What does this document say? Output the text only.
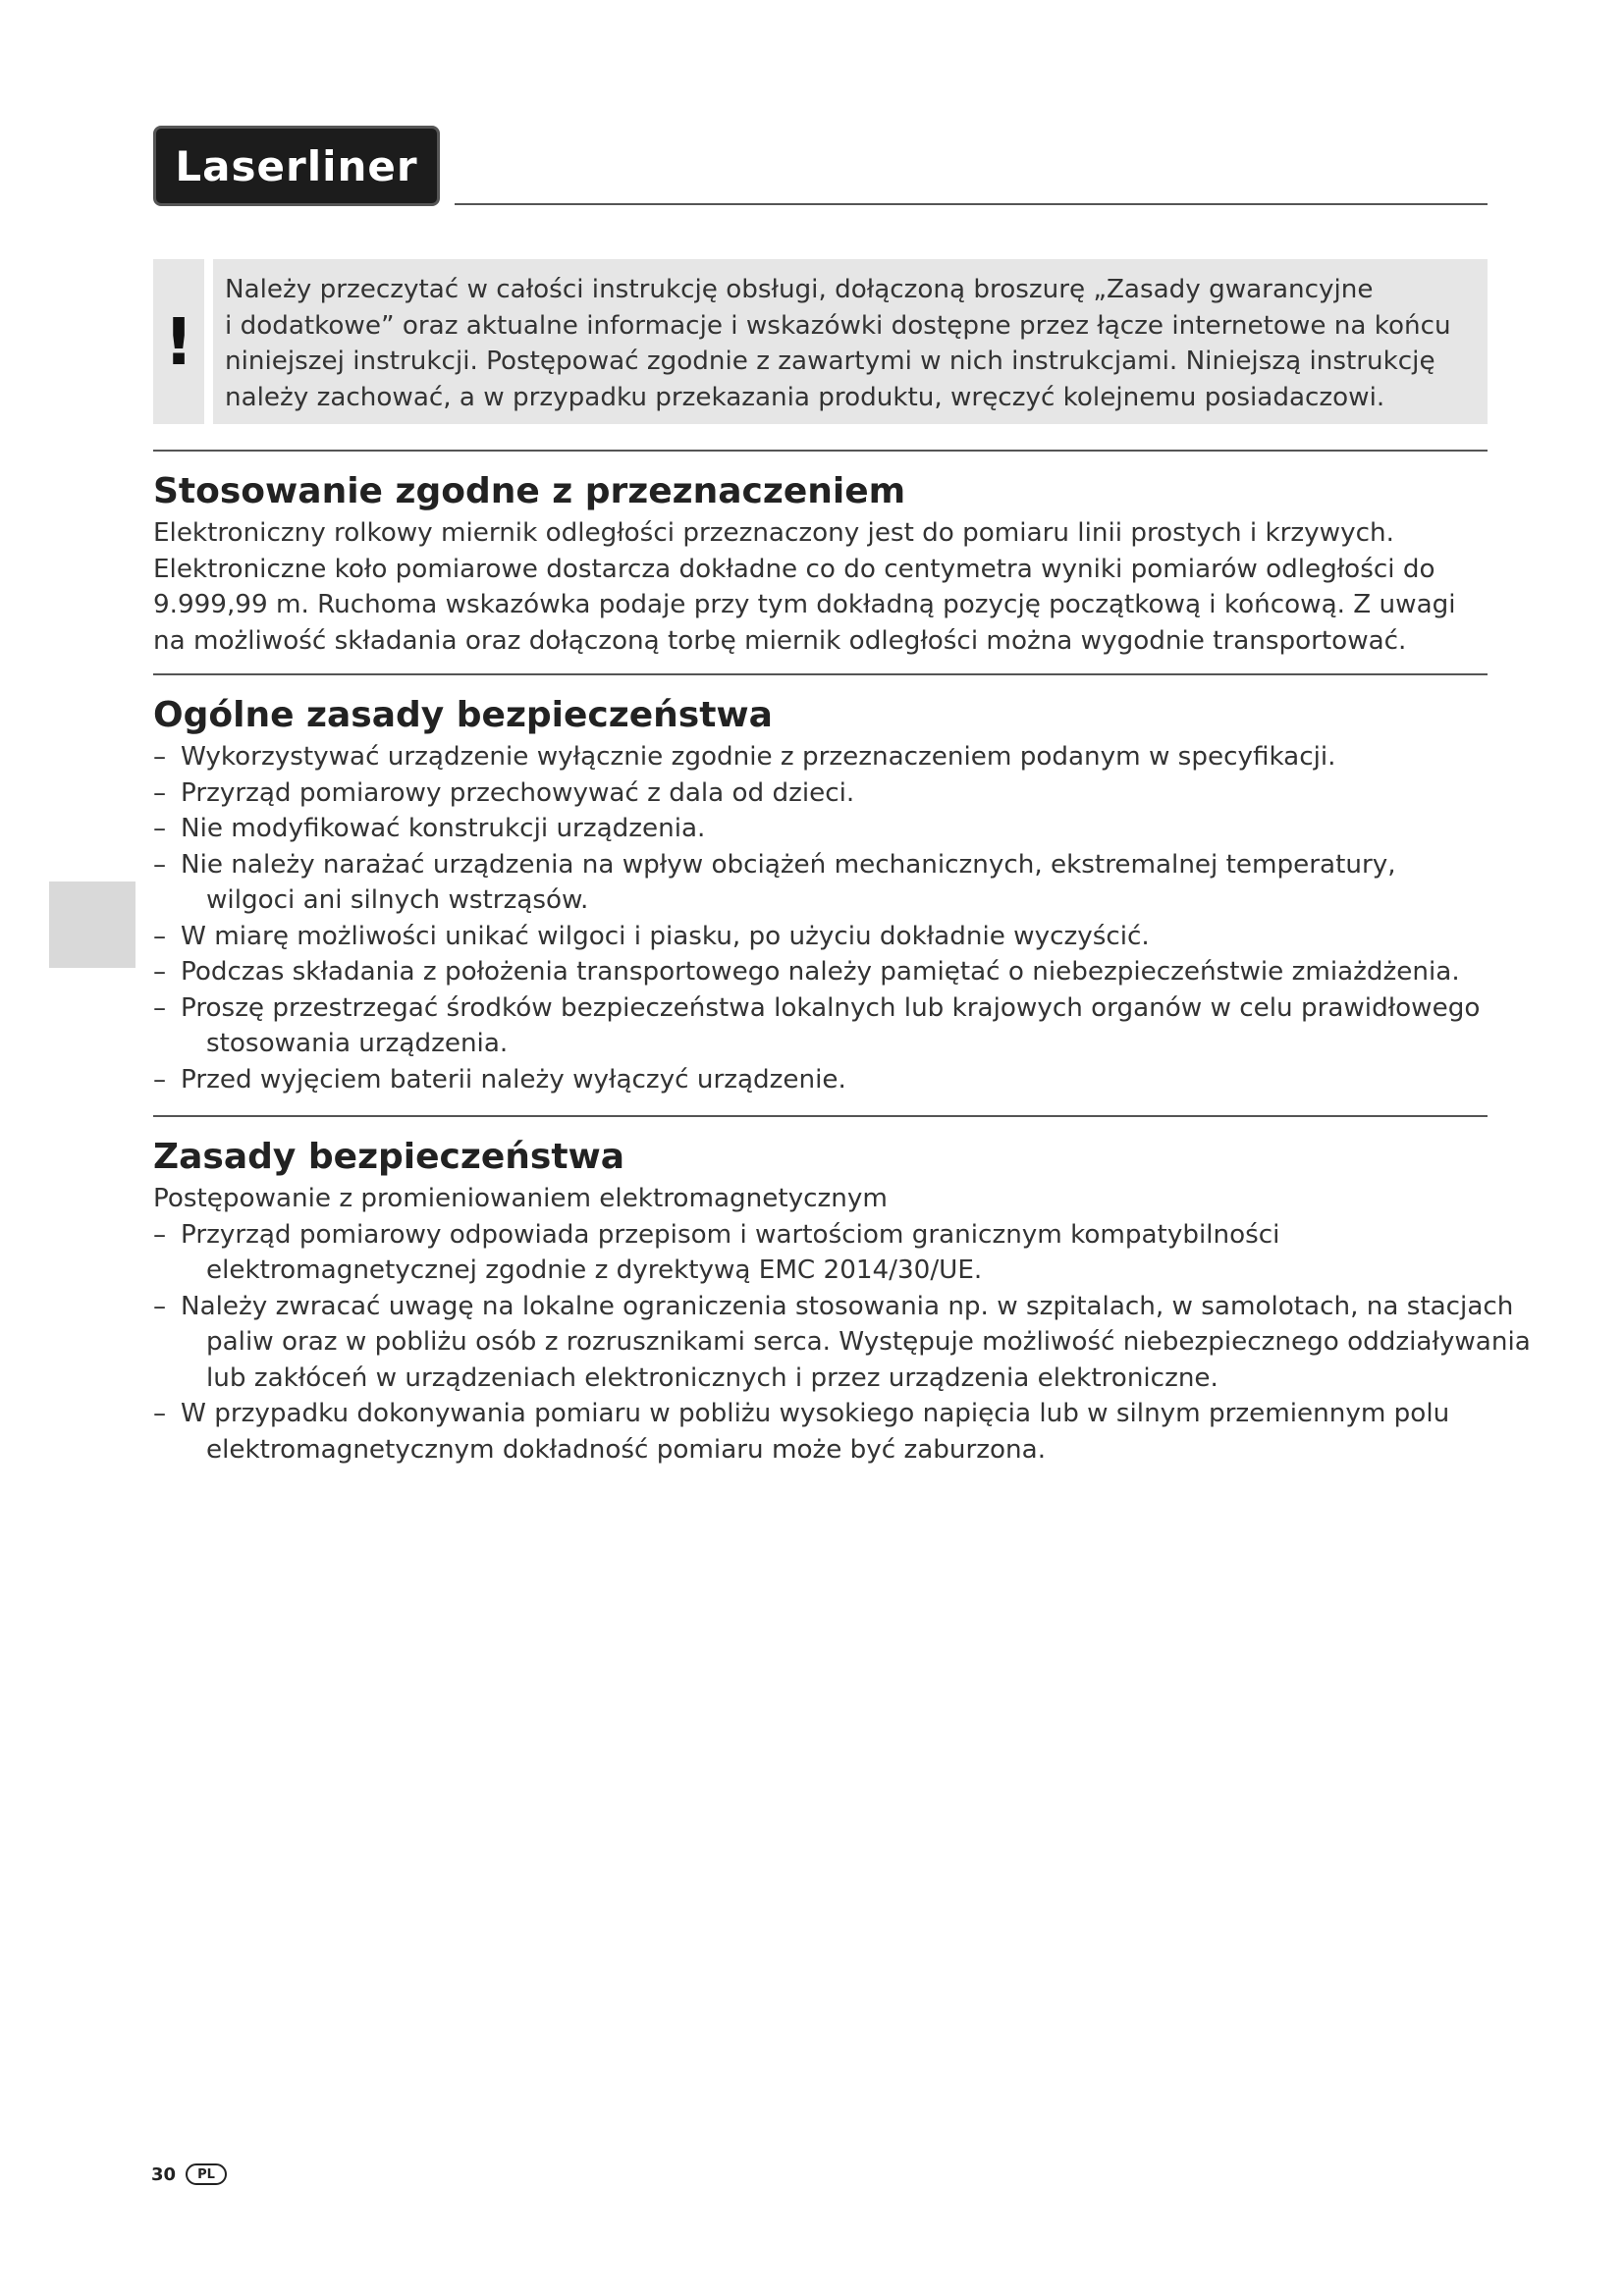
Laserliner
!

Należy przeczytać w całości instrukcję obsługi, dołączoną broszurę „Zasady gwarancyjne

i dodatkowe” oraz aktualne informacje i wskazówki dostępne przez łącze internetowe na końcu

niniejszej instrukcji. Postępować zgodnie z zawartymi w nich instrukcjami. Niniejszą instrukcję

należy zachować, a w przypadku przekazania produktu, wręczyć kolejnemu posiadaczowi.

Stosowanie zgodne z przeznaczeniem

Elektroniczny rolkowy miernik odległości przeznaczony jest do pomiaru linii prostych i krzywych.

Elektroniczne koło pomiarowe dostarcza dokładne co do centymetra wyniki pomiarów odległości do

9.999,99 m. Ruchoma wskazówka podaje przy tym dokładną pozycję początkową i końcową. Z uwagi

na możliwość składania oraz dołączoną torbę miernik odległości można wygodnie transportować.

Ogólne zasady bezpieczeństwa
– Wykorzystywać urządzenie wyłącznie zgodnie z przeznaczeniem podanym w specyfikacji.
– Przyrząd pomiarowy przechowywać z dala od dzieci.
– Nie modyfikować konstrukcji urządzenia.
– Nie należy narażać urządzenia na wpływ obciążeń mechanicznych, ekstremalnej temperatury,
wilgoci ani silnych wstrząsów.
– W miarę możliwości unikać wilgoci i piasku, po użyciu dokładnie wyczyścić.
– Podczas składania z położenia transportowego należy pamiętać o niebezpieczeństwie zmiażdżenia.
– Proszę przestrzegać środków bezpieczeństwa lokalnych lub krajowych organów w celu prawidłowego
stosowania urządzenia.
– Przed wyjęciem baterii należy wyłączyć urządzenie.
Zasady bezpieczeństwa

Postępowanie z promieniowaniem elektromagnetycznym

– Przyrząd pomiarowy odpowiada przepisom i wartościom granicznym kompatybilności
elektromagnetycznej zgodnie z dyrektywą EMC 2014/30/UE.
– Należy zwracać uwagę na lokalne ograniczenia stosowania np. w szpitalach, w samolotach, na stacjach
paliw oraz w pobliżu osób z rozrusznikami serca. Występuje możliwość niebezpiecznego oddziaływania
lub zakłóceń w urządzeniach elektronicznych i przez urządzenia elektroniczne.
– W przypadku dokonywania pomiaru w pobliżu wysokiego napięcia lub w silnym przemiennym polu
elektromagnetycznym dokładność pomiaru może być zaburzona.
30	PL
